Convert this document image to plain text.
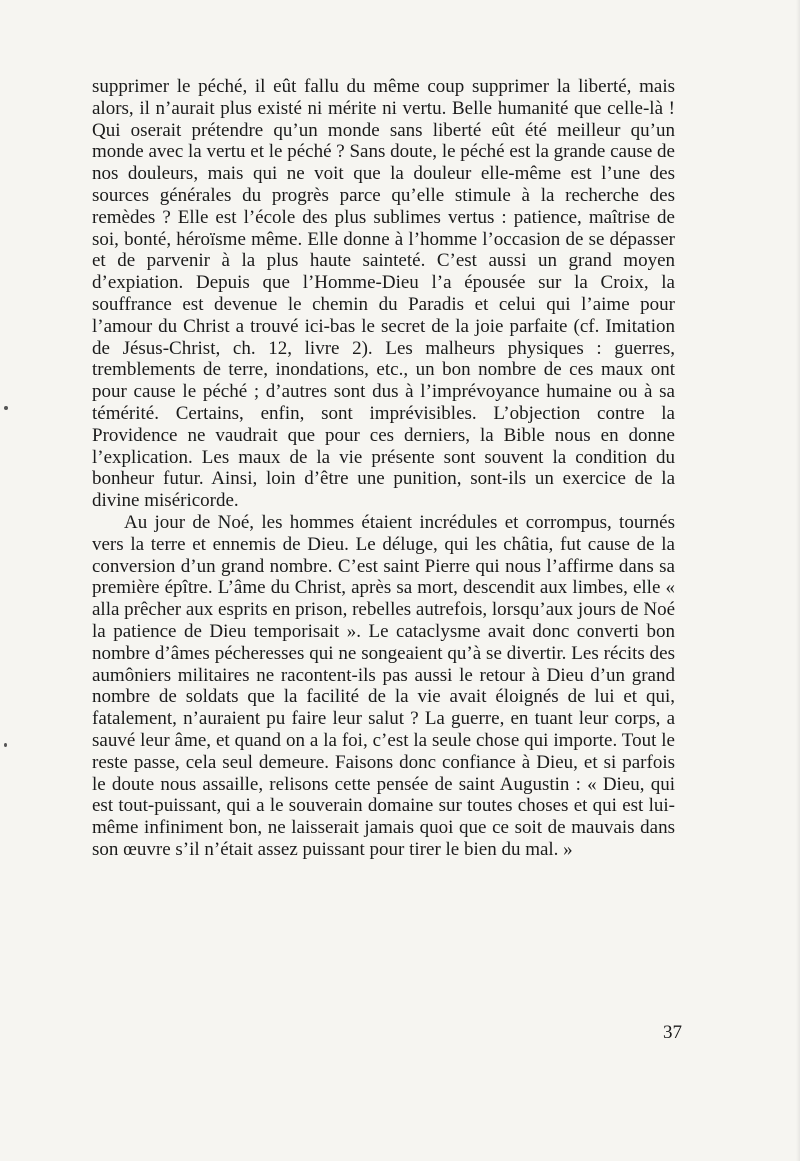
supprimer le péché, il eût fallu du même coup supprimer la liberté, mais alors, il n’aurait plus existé ni mérite ni vertu. Belle humanité que celle-là ! Qui oserait prétendre qu’un monde sans liberté eût été meilleur qu’un monde avec la vertu et le péché ? Sans doute, le péché est la grande cause de nos douleurs, mais qui ne voit que la douleur elle-même est l’une des sources générales du progrès parce qu’elle stimule à la recherche des remèdes ? Elle est l’école des plus sublimes vertus : patience, maîtrise de soi, bonté, héroïsme même. Elle donne à l’homme l’occasion de se dépasser et de parvenir à la plus haute sainteté. C’est aussi un grand moyen d’expiation. Depuis que l’Homme-Dieu l’a épousée sur la Croix, la souffrance est devenue le chemin du Paradis et celui qui l’aime pour l’amour du Christ a trouvé ici-bas le secret de la joie parfaite (cf. Imitation de Jésus-Christ, ch. 12, livre 2). Les malheurs physiques : guerres, tremblements de terre, inondations, etc., un bon nombre de ces maux ont pour cause le péché ; d’autres sont dus à l’imprévoyance humaine ou à sa témérité. Certains, enfin, sont imprévisibles. L’objection contre la Providence ne vaudrait que pour ces derniers, la Bible nous en donne l’explication. Les maux de la vie présente sont souvent la condition du bonheur futur. Ainsi, loin d’être une punition, sont-ils un exercice de la divine miséricorde.

Au jour de Noé, les hommes étaient incrédules et corrompus, tournés vers la terre et ennemis de Dieu. Le déluge, qui les châtia, fut cause de la conversion d’un grand nombre. C’est saint Pierre qui nous l’affirme dans sa première épître. L’âme du Christ, après sa mort, descendit aux limbes, elle « alla prêcher aux esprits en prison, rebelles autrefois, lorsqu’aux jours de Noé la patience de Dieu temporisait ». Le cataclysme avait donc converti bon nombre d’âmes pécheresses qui ne songeaient qu’à se divertir. Les récits des aumôniers militaires ne racontent-ils pas aussi le retour à Dieu d’un grand nombre de soldats que la facilité de la vie avait éloignés de lui et qui, fatalement, n’auraient pu faire leur salut ? La guerre, en tuant leur corps, a sauvé leur âme, et quand on a la foi, c’est la seule chose qui importe. Tout le reste passe, cela seul demeure. Faisons donc confiance à Dieu, et si parfois le doute nous assaille, relisons cette pensée de saint Augustin : « Dieu, qui est tout-puissant, qui a le souverain domaine sur toutes choses et qui est lui-même infiniment bon, ne laisserait jamais quoi que ce soit de mauvais dans son œuvre s’il n’était assez puissant pour tirer le bien du mal. »

37
